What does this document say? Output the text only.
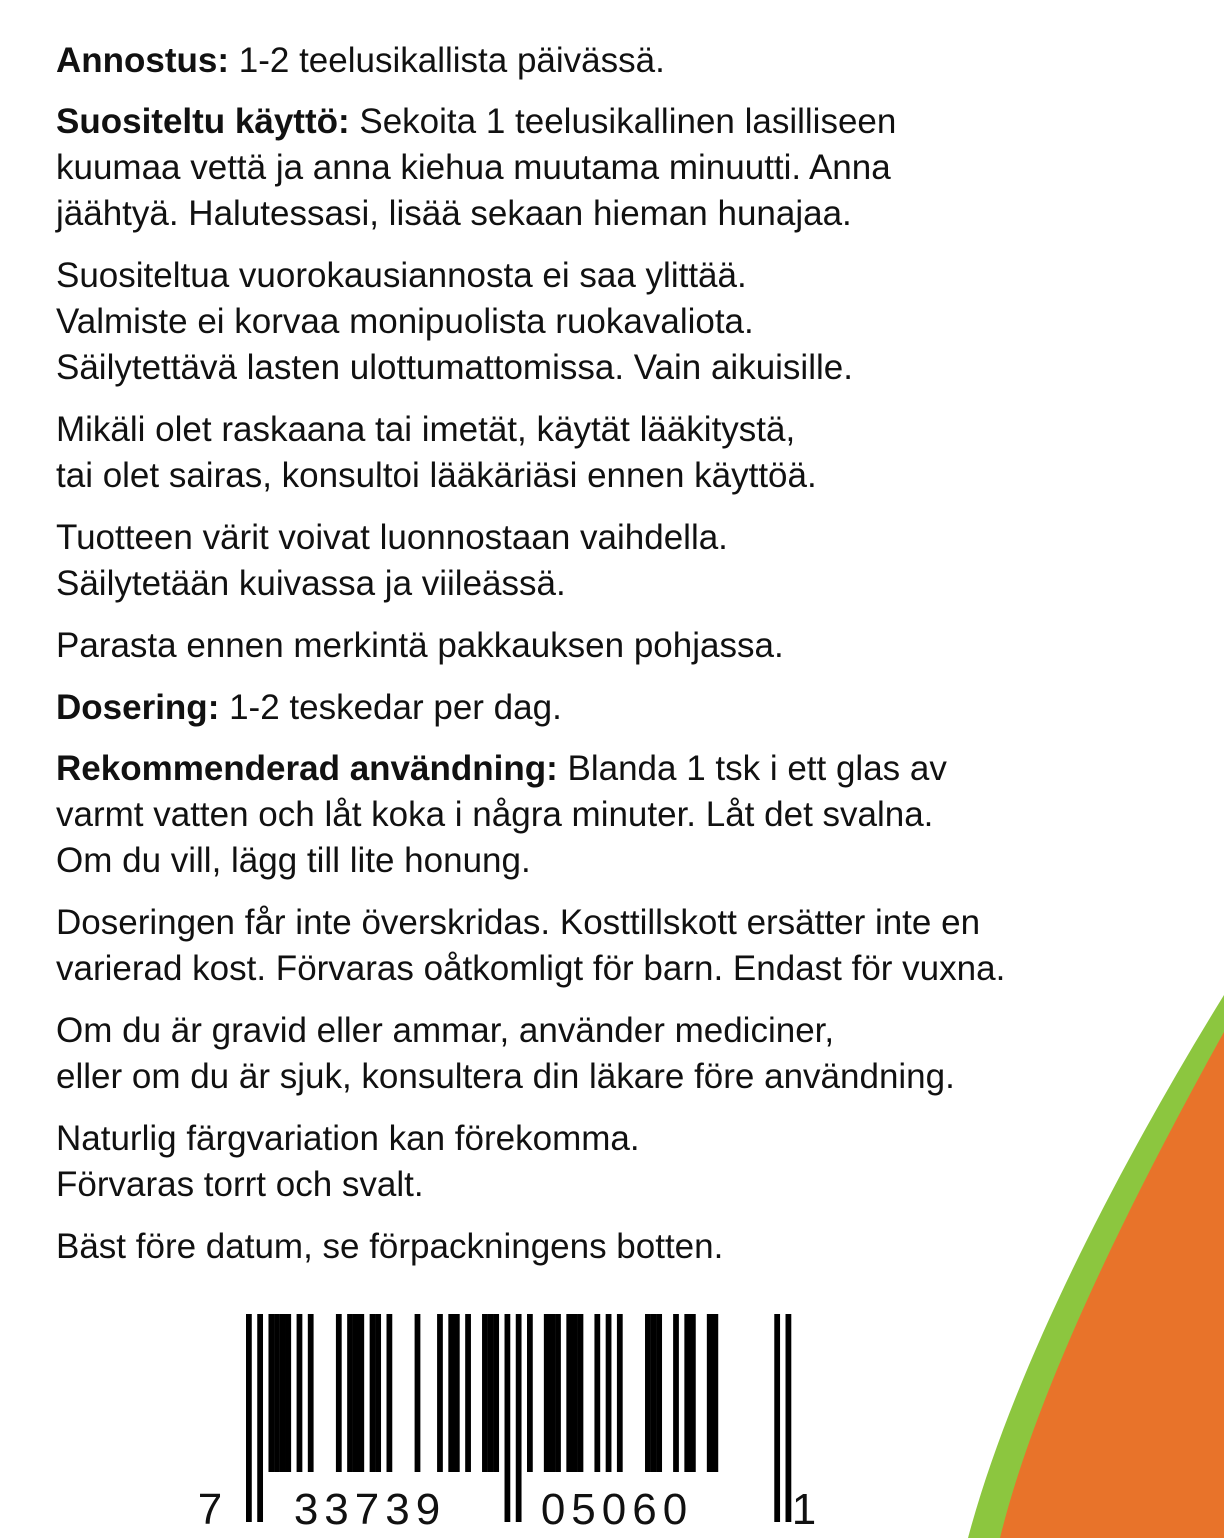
Annostus: 1-2 teelusikallista päivässä.

Suositeltu käyttö: Sekoita 1 teelusikallinen lasilliseen
kuumaa vettä ja anna kiehua muutama minuutti. Anna
jäähtyä. Halutessasi, lisää sekaan hieman hunajaa.

Suositeltua vuorokausiannosta ei saa ylittää.
Valmiste ei korvaa monipuolista ruokavaliota.
Säilytettävä lasten ulottumattomissa. Vain aikuisille.

Mikäli olet raskaana tai imetät, käytät lääkitystä,
tai olet sairas, konsultoi lääkäriäsi ennen käyttöä.

Tuotteen värit voivat luonnostaan vaihdella.
Säilytetään kuivassa ja viileässä.

Parasta ennen merkintä pakkauksen pohjassa.

Dosering: 1-2 teskedar per dag.

Rekommenderad användning: Blanda 1 tsk i ett glas av
varmt vatten och låt koka i några minuter. Låt det svalna.
Om du vill, lägg till lite honung.

Doseringen får inte överskridas. Kosttillskott ersätter inte en
varierad kost. Förvaras oåtkomligt för barn. Endast för vuxna.

Om du är gravid eller ammar, använder mediciner,
eller om du är sjuk, konsultera din läkare före användning.

Naturlig färgvariation kan förekomma.
Förvaras torrt och svalt.

Bäst före datum, se förpackningens botten.

7 33739 05060 1
